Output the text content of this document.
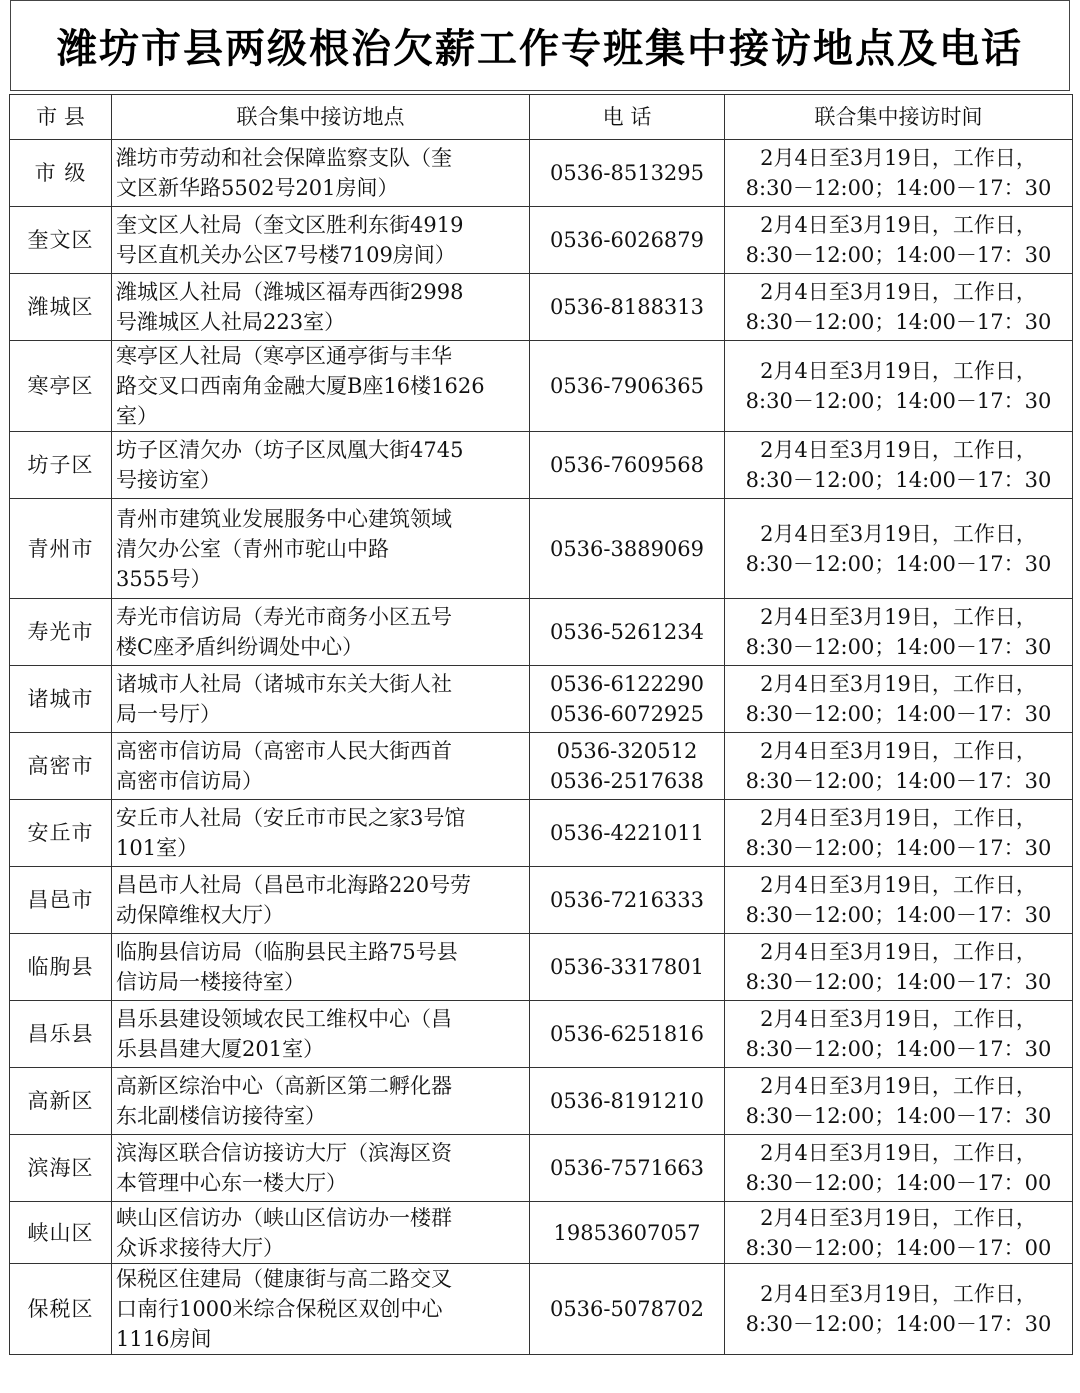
潍坊市县两级根治欠薪工作专班集中接访地点及电话
市 县	联合集中接访地点	电 话	联合集中接访时间
市 级	潍坊市劳动和社会保障监察支队（奎
文区新华路5502号201房间）	0536-8513295	2月4日至3月19日，工作日，
8:30－12:00；14:00－17：30

奎文区	奎文区人社局（奎文区胜利东街4919
号区直机关办公区7号楼7109房间）	0536-6026879	2月4日至3月19日，工作日，
8:30－12:00；14:00－17：30

潍城区	潍城区人社局（潍城区福寿西街2998
号潍城区人社局223室）	0536-8188313	2月4日至3月19日，工作日，
8:30－12:00；14:00－17：30

寒亭区	寒亭区人社局（寒亭区通亭街与丰华
路交叉口西南角金融大厦B座16楼1626
室）	0536-7906365	2月4日至3月19日，工作日，
8:30－12:00；14:00－17：30

坊子区	坊子区清欠办（坊子区凤凰大街4745
号接访室）	0536-7609568	2月4日至3月19日，工作日，
8:30－12:00；14:00－17：30

青州市	青州市建筑业发展服务中心建筑领域
清欠办公室（青州市驼山中路
3555号）	0536-3889069	2月4日至3月19日，工作日，
8:30－12:00；14:00－17：30

寿光市	寿光市信访局（寿光市商务小区五号
楼C座矛盾纠纷调处中心）	0536-5261234	2月4日至3月19日，工作日，
8:30－12:00；14:00－17：30

诸城市	诸城市人社局（诸城市东关大街人社
局一号厅）	0536-6122290
0536-6072925	2月4日至3月19日，工作日，
8:30－12:00；14:00－17：30

高密市	高密市信访局（高密市人民大街西首
高密市信访局）	0536-320512
0536-2517638	2月4日至3月19日，工作日，
8:30－12:00；14:00－17：30

安丘市	安丘市人社局（安丘市市民之家3号馆
101室）	0536-4221011	2月4日至3月19日，工作日，
8:30－12:00；14:00－17：30

昌邑市	昌邑市人社局（昌邑市北海路220号劳
动保障维权大厅）	0536-7216333	2月4日至3月19日，工作日，
8:30－12:00；14:00－17：30

临朐县	临朐县信访局（临朐县民主路75号县
信访局一楼接待室）	0536-3317801	2月4日至3月19日，工作日，
8:30－12:00；14:00－17：30

昌乐县	昌乐县建设领域农民工维权中心（昌
乐县昌建大厦201室）	0536-6251816	2月4日至3月19日，工作日，
8:30－12:00；14:00－17：30

高新区	高新区综治中心（高新区第二孵化器
东北副楼信访接待室）	0536-8191210	2月4日至3月19日，工作日，
8:30－12:00；14:00－17：30

滨海区	滨海区联合信访接访大厅（滨海区资
本管理中心东一楼大厅）	0536-7571663	2月4日至3月19日，工作日，
8:30－12:00；14:00－17：00

峡山区	峡山区信访办（峡山区信访办一楼群
众诉求接待大厅）	19853607057	2月4日至3月19日，工作日，
8:30－12:00；14:00－17：00

保税区	保税区住建局（健康街与高二路交叉
口南行1000米综合保税区双创中心
1116房间	0536-5078702	2月4日至3月19日，工作日，
8:30－12:00；14:00－17：30
